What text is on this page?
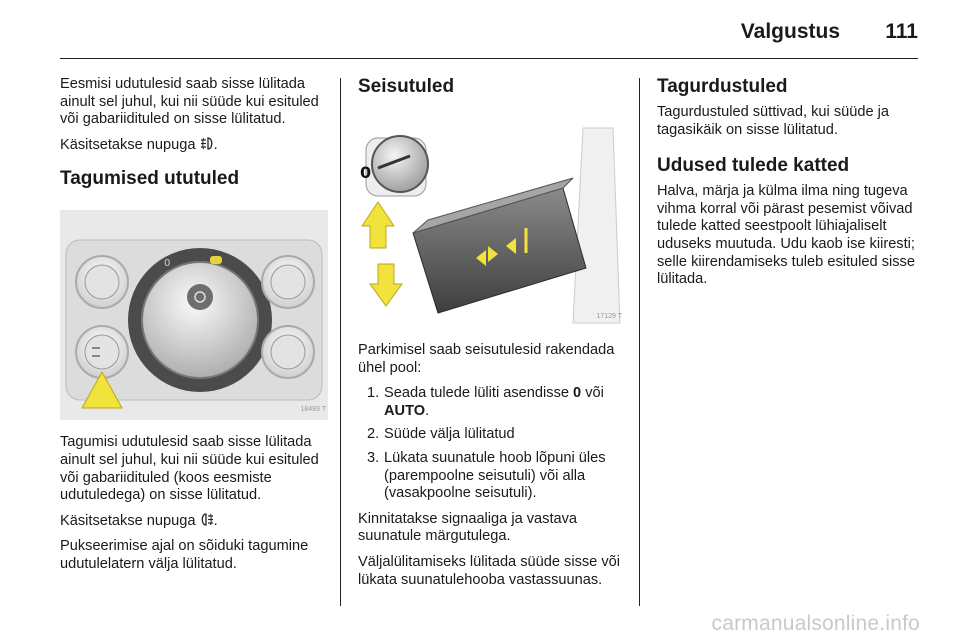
Valgustus 111

Eesmisi udutulesid saab sisse lülitada ainult sel juhul, kui nii süüde kui esituled või gabariidituled on sisse lülitatud.

Käsitsetakse nupuga .

Tagumised ututuled
0
18493 T

Tagumisi udutulesid saab sisse lülitada ainult sel juhul, kui nii süüde kui esituled või gabariidituled (koos eesmiste udutuledega) on sisse lülitatud.

Käsitsetakse nupuga .

Pukseerimise ajal on sõiduki tagumine udutulelatern välja lülitatud.

Seisutuled
0
17129 T

Parkimisel saab seisutulesid rakendada ühel pool:

1. Seada tulede lüliti asendisse 0 või AUTO.
2. Süüde välja lülitatud
3. Lükata suunatule hoob lõpuni üles (parempoolne seisutuli) või alla (vasakpoolne seisutuli).

Kinnitatakse signaaliga ja vastava suunatule märgutulega.

Väljalülitamiseks lülitada süüde sisse või lükata suunatulehooba vastassuunas.

Tagurdustuled

Tagurdustuled süttivad, kui süüde ja tagasikäik on sisse lülitatud.

Udused tulede katted

Halva, märja ja külma ilma ning tugeva vihma korral või pärast pesemist võivad tulede katted seestpoolt lühiajaliselt uduseks muutuda. Udu kaob ise kiiresti; selle kiirendamiseks tuleb esituled sisse lülitada.

carmanualsonline.info
